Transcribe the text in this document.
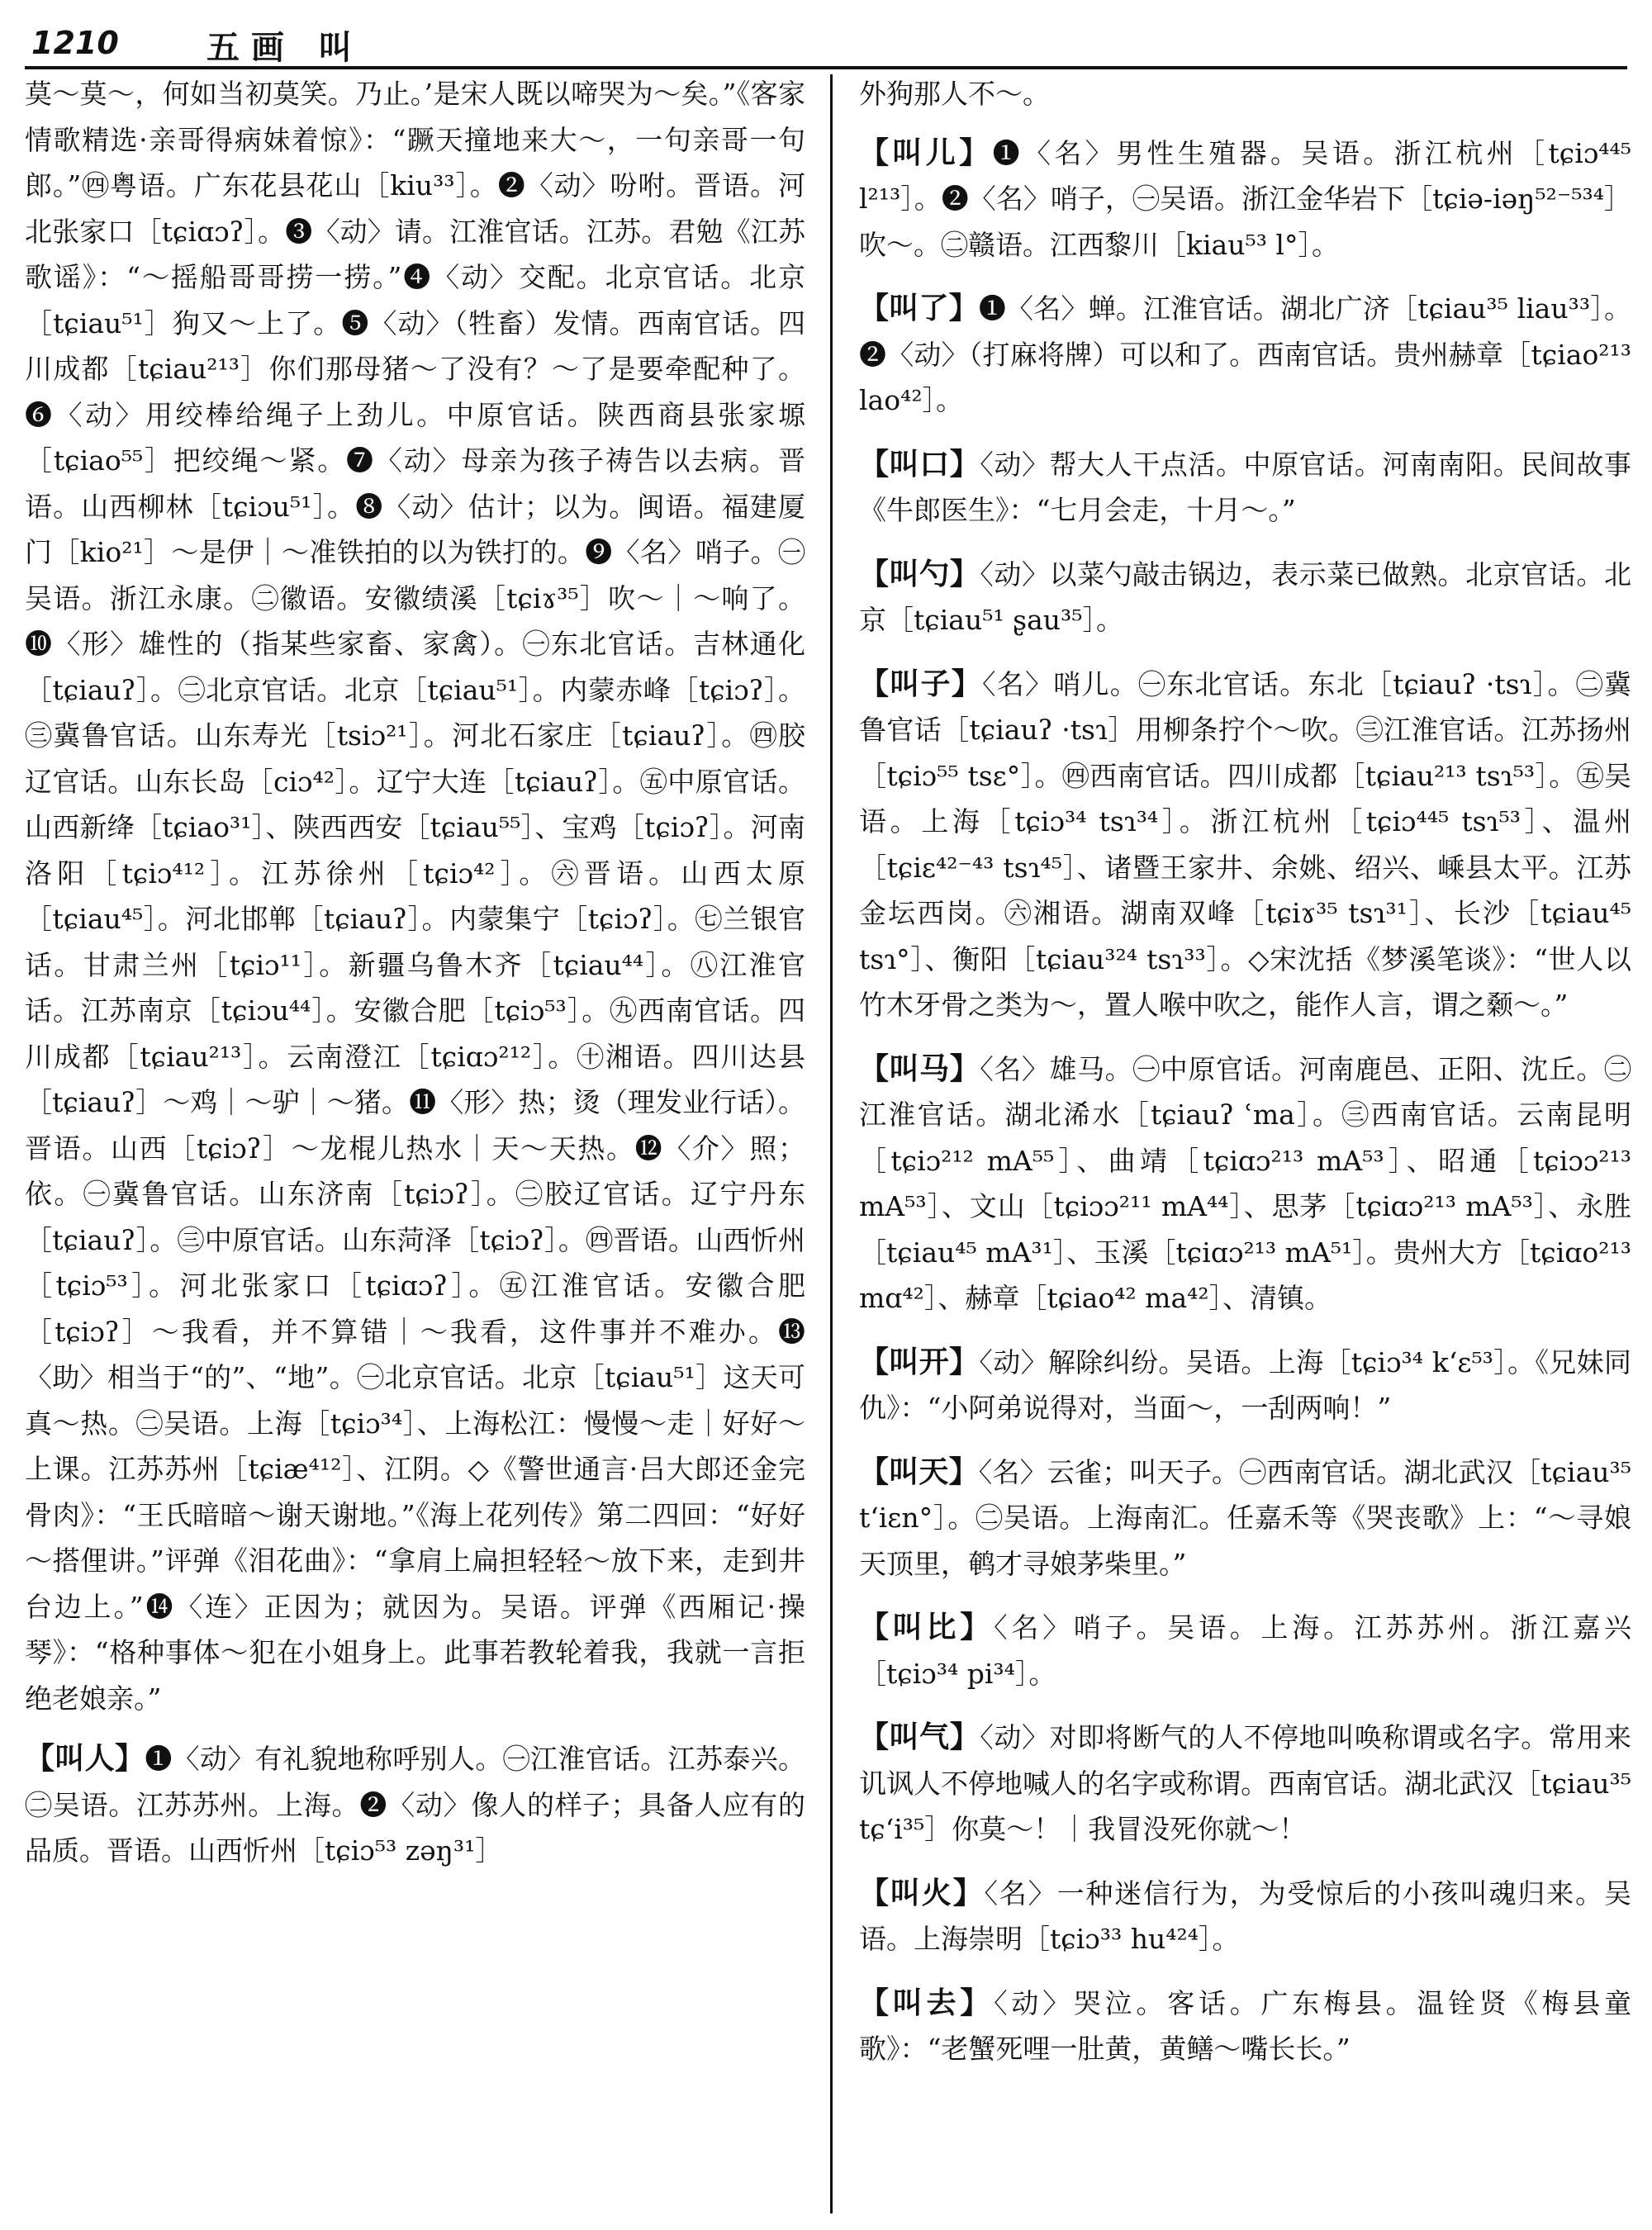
1210	五画 叫

莫～莫～，何如当初莫笑。乃止。’是宋人既以啼哭为～矣。”《客家情歌精选·亲哥得病妹着惊》：“蹶天撞地来大～，一句亲哥一句郎。”㊃粤语。广东花县花山［kiu³³］。❷〈动〉吩咐。晋语。河北张家口［tɕiɑɔʔ］。❸〈动〉请。江淮官话。江苏。君勉《江苏歌谣》：“～摇船哥哥捞一捞。”❹〈动〉交配。北京官话。北京［tɕiau⁵¹］狗又～上了。❺〈动〉（牲畜）发情。西南官话。四川成都［tɕiau²¹³］你们那母猪～了没有？～了是要牵配种了。❻〈动〉用绞棒给绳子上劲儿。中原官话。陕西商县张家塬［tɕiao⁵⁵］把绞绳～紧。❼〈动〉母亲为孩子祷告以去病。晋语。山西柳林［tɕiɔu⁵¹］。❽〈动〉估计；以为。闽语。福建厦门［kio²¹］～是伊｜～准铁拍的以为铁打的。❾〈名〉哨子。㊀吴语。浙江永康。㊁徽语。安徽绩溪［tɕiɤ³⁵］吹～｜～响了。❿〈形〉雄性的（指某些家畜、家禽）。㊀东北官话。吉林通化［tɕiauʔ］。㊁北京官话。北京［tɕiau⁵¹］。内蒙赤峰［tɕiɔʔ］。㊂冀鲁官话。山东寿光［tsiɔ²¹］。河北石家庄［tɕiauʔ］。㊃胶辽官话。山东长岛［ciɔ⁴²］。辽宁大连［tɕiauʔ］。㊄中原官话。山西新绛［tɕiao³¹］、陕西西安［tɕiau⁵⁵］、宝鸡［tɕiɔʔ］。河南洛阳［tɕiɔ⁴¹²］。江苏徐州［tɕiɔ⁴²］。㊅晋语。山西太原［tɕiau⁴⁵］。河北邯郸［tɕiauʔ］。内蒙集宁［tɕiɔʔ］。㊆兰银官话。甘肃兰州［tɕiɔ¹¹］。新疆乌鲁木齐［tɕiau⁴⁴］。㊇江淮官话。江苏南京［tɕiɔu⁴⁴］。安徽合肥［tɕiɔ⁵³］。㊈西南官话。四川成都［tɕiau²¹³］。云南澄江［tɕiɑɔ²¹²］。㊉湘语。四川达县［tɕiauʔ］～鸡｜～驴｜～猪。⓫〈形〉热；烫（理发业行话）。晋语。山西［tɕiɔʔ］～龙棍儿热水｜天～天热。⓬〈介〉照；依。㊀冀鲁官话。山东济南［tɕiɔʔ］。㊁胶辽官话。辽宁丹东［tɕiauʔ］。㊂中原官话。山东菏泽［tɕiɔʔ］。㊃晋语。山西忻州［tɕiɔ⁵³］。河北张家口［tɕiɑɔʔ］。㊄江淮官话。安徽合肥［tɕiɔʔ］～我看，并不算错｜～我看，这件事并不难办。⓭〈助〉相当于“的”、“地”。㊀北京官话。北京［tɕiau⁵¹］这天可真～热。㊁吴语。上海［tɕiɔ³⁴］、上海松江：慢慢～走｜好好～上课。江苏苏州［tɕiæ⁴¹²］、江阴。◇《警世通言·吕大郎还金完骨肉》：“王氏暗暗～谢天谢地。”《海上花列传》第二四回：“好好～搭俚讲。”评弹《泪花曲》：“拿肩上扁担轻轻～放下来，走到井台边上。”⓮〈连〉正因为；就因为。吴语。评弹《西厢记·操琴》：“格种事体～犯在小姐身上。此事若教轮着我，我就一言拒绝老娘亲。”

【叫人】❶〈动〉有礼貌地称呼别人。㊀江淮官话。江苏泰兴。㊁吴语。江苏苏州。上海。❷〈动〉像人的样子；具备人应有的品质。晋语。山西忻州［tɕiɔ⁵³ zəŋ³¹］

外狗那人不～。

【叫儿】❶〈名〉男性生殖器。吴语。浙江杭州［tɕiɔ⁴⁴⁵ l²¹³］。❷〈名〉哨子，㊀吴语。浙江金华岩下［tɕiə-iəŋ⁵²⁻⁵³⁴］吹～。㊁赣语。江西黎川［kiau⁵³ l°］。

【叫了】❶〈名〉蝉。江淮官话。湖北广济［tɕiau³⁵ liau³³］。❷〈动〉（打麻将牌）可以和了。西南官话。贵州赫章［tɕiao²¹³ lao⁴²］。

【叫口】〈动〉帮大人干点活。中原官话。河南南阳。民间故事《牛郎医生》：“七月会走，十月～。”

【叫勺】〈动〉以菜勺敲击锅边，表示菜已做熟。北京官话。北京［tɕiau⁵¹ ʂau³⁵］。

【叫子】〈名〉哨儿。㊀东北官话。东北［tɕiauʔ ·tsɿ］。㊁冀鲁官话［tɕiauʔ ·tsɿ］用柳条拧个～吹。㊂江淮官话。江苏扬州［tɕiɔ⁵⁵ tsɛ°］。㊃西南官话。四川成都［tɕiau²¹³ tsɿ⁵³］。㊄吴语。上海［tɕiɔ³⁴ tsɿ³⁴］。浙江杭州［tɕiɔ⁴⁴⁵ tsɿ⁵³］、温州［tɕiɛ⁴²⁻⁴³ tsɿ⁴⁵］、诸暨王家井、余姚、绍兴、嵊县太平。江苏金坛西岗。㊅湘语。湖南双峰［tɕiɤ³⁵ tsɿ³¹］、长沙［tɕiau⁴⁵ tsɿ°］、衡阳［tɕiau³²⁴ tsɿ³³］。◇宋沈括《梦溪笔谈》：“世人以竹木牙骨之类为～，置人喉中吹之，能作人言，谓之颡～。”

【叫马】〈名〉雄马。㊀中原官话。河南鹿邑、正阳、沈丘。㊁江淮官话。湖北浠水［tɕiauʔ ʿma］。㊂西南官话。云南昆明［tɕiɔ²¹² mA⁵⁵］、曲靖［tɕiɑɔ²¹³ mA⁵³］、昭通［tɕiɔɔ²¹³ mA⁵³］、文山［tɕiɔɔ²¹¹ mA⁴⁴］、思茅［tɕiɑɔ²¹³ mA⁵³］、永胜［tɕiau⁴⁵ mA³¹］、玉溪［tɕiɑɔ²¹³ mA⁵¹］。贵州大方［tɕiɑo²¹³ mɑ⁴²］、赫章［tɕiao⁴² ma⁴²］、清镇。

【叫开】〈动〉解除纠纷。吴语。上海［tɕiɔ³⁴ kʻɛ⁵³］。《兄妹同仇》：“小阿弟说得对，当面～，一刮两响！”

【叫天】〈名〉云雀；叫天子。㊀西南官话。湖北武汉［tɕiau³⁵ tʻiɛn°］。㊁吴语。上海南汇。任嘉禾等《哭丧歌》上：“～寻娘天顶里，鹌才寻娘茅柴里。”

【叫比】〈名〉哨子。吴语。上海。江苏苏州。浙江嘉兴［tɕiɔ³⁴ pi³⁴］。

【叫气】〈动〉对即将断气的人不停地叫唤称谓或名字。常用来讥讽人不停地喊人的名字或称谓。西南官话。湖北武汉［tɕiau³⁵ tɕʻi³⁵］你莫～！｜我冒没死你就～！

【叫火】〈名〉一种迷信行为，为受惊后的小孩叫魂归来。吴语。上海崇明［tɕiɔ³³ hu⁴²⁴］。

【叫去】〈动〉哭泣。客话。广东梅县。温铨贤《梅县童歌》：“老蟹死哩一肚黄，黄鳝～嘴长长。”
